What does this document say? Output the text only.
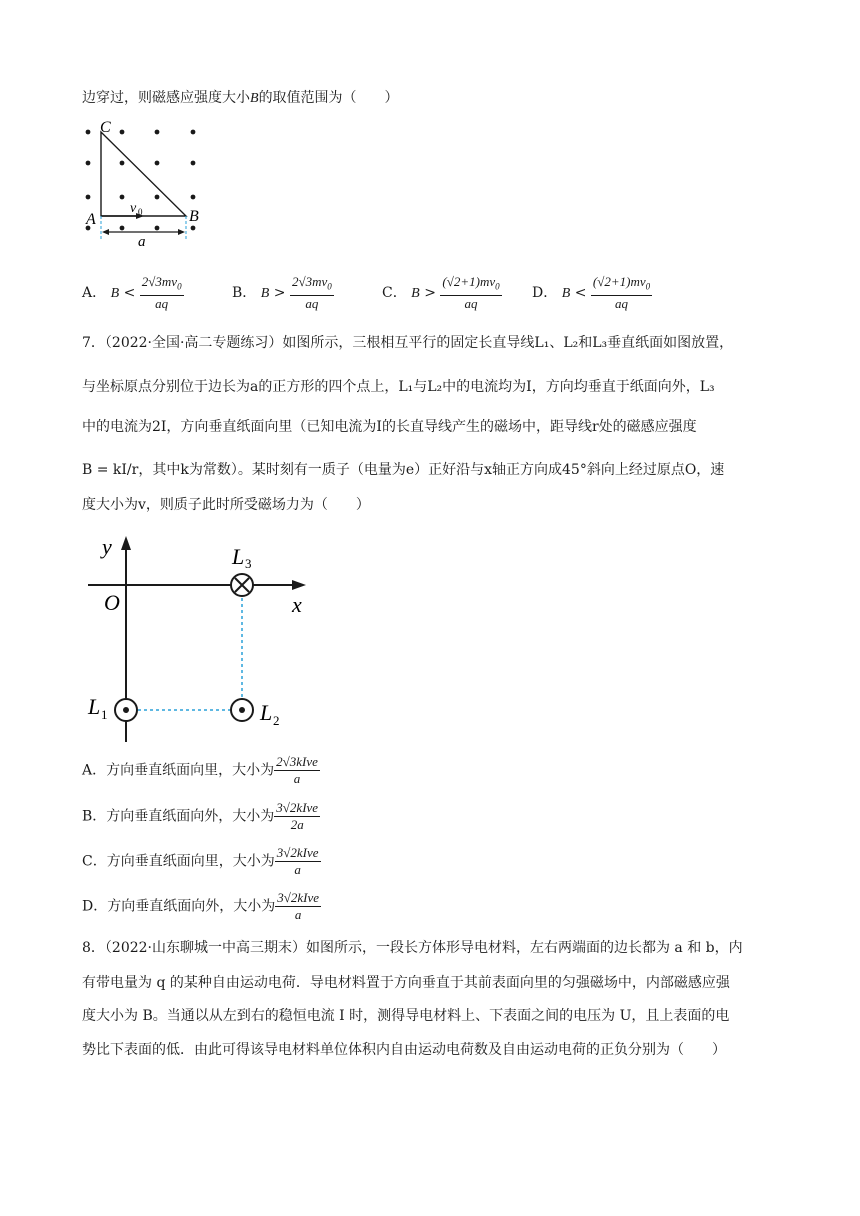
边穿过，则磁感应强度大小B的取值范围为（　　）
C
A	B
v 0
a
A． $B < \frac{2√3mv_0}{aq}$	B． $B > \frac{2√3mv_0}{aq}$	C． $B > \frac{(√2+1)mv_0}{aq}$ D． $B < \frac{(√2+1)mv_0}{aq}$
7．（2022·全国·高二专题练习）如图所示，三根相互平行的固定长直导线L₁、L₂和L₃垂直纸面如图放置，
与坐标原点分别位于边长为a的正方形的四个点上，L₁与L₂中的电流均为I，方向均垂直于纸面向外，L₃
中的电流为2I，方向垂直纸面向里（已知电流为I的长直导线产生的磁场中，距导线r处的磁感应强度
B = kI/r，其中k为常数）。某时刻有一质子（电量为e）正好沿与x轴正方向成45°斜向上经过原点O，速
度大小为v，则质子此时所受磁场力为（　　）
y
x
O
L 3
L 1	L 2
A．方向垂直纸面向里，大小为 $\frac{\text{2√3kIve}}{a}$
B．方向垂直纸面向外，大小为 $\frac{\text{3√2kIve}}{2a}$
C．方向垂直纸面向里，大小为 $\frac{\text{3√2kIve}}{a}$
D．方向垂直纸面向外，大小为 $\frac{\text{3√2kIve}}{a}$
8．（2022·山东聊城一中高三期末）如图所示，一段长方体形导电材料，左右两端面的边长都为 a 和 b，内
有带电量为 q 的某种自由运动电荷．导电材料置于方向垂直于其前表面向里的匀强磁场中，内部磁感应强
度大小为 B。当通以从左到右的稳恒电流 I 时，测得导电材料上、下表面之间的电压为 U，且上表面的电
势比下表面的低．由此可得该导电材料单位体积内自由运动电荷数及自由运动电荷的正负分别为（　　）
